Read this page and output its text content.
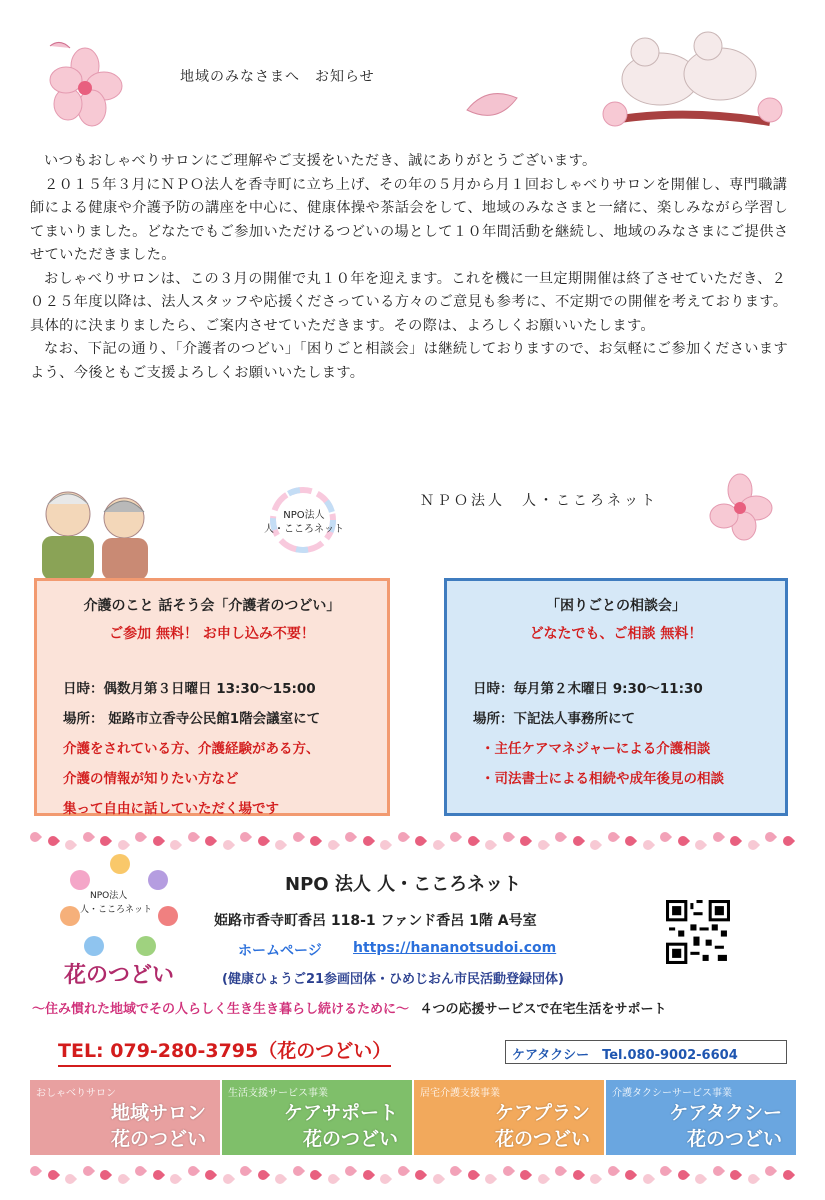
地域のみなさまへ　お知らせ

いつもおしゃべりサロンにご理解やご支援をいただき、誠にありがとうございます。

２０１５年３月にＮＰＯ法人を香寺町に立ち上げ、その年の５月から月１回おしゃべりサロンを開催し、専門職講師による健康や介護予防の講座を中心に、健康体操や茶話会をして、地域のみなさまと一緒に、楽しみながら学習してまいりました。どなたでもご参加いただけるつどいの場として１０年間活動を継続し、地域のみなさまにご提供させていただきました。

おしゃべりサロンは、この３月の開催で丸１０年を迎えます。これを機に一旦定期開催は終了させていただき、２０２５年度以降は、法人スタッフや応援くださっている方々のご意見も参考に、不定期での開催を考えております。具体的に決まりましたら、ご案内させていただきます。その際は、よろしくお願いいたします。

なお、下記の通り、「介護者のつどい」「困りごと相談会」は継続しておりますので、お気軽にご参加くださいますよう、今後ともご支援よろしくお願いいたします。

NPO法人
人・こころネット
ＮＰＯ法人　人・こころネット
介護のこと 話そう会「介護者のつどい」
ご参加 無料！ お申し込み不要！
日時：偶数月第３日曜日 13:30〜15:00
場所： 姫路市立香寺公民館1階会議室にて
介護をされている方、介護経験がある方、
介護の情報が知りたい方など
集って自由に話していただく場です
「困りごとの相談会」
どなたでも、ご相談 無料！
日時：毎月第２木曜日 9:30〜11:30
場所：下記法人事務所にて
・主任ケアマネジャーによる介護相談
・司法書士による相続や成年後見の相談
NPO法人
人・こころネット
花のつどい
NPO 法人 人・こころネット
姫路市香寺町香呂 118-1 ファンド香呂 1階 A号室
ホームページ https://hananotsudoi.com
(健康ひょうご21参画団体・ひめじおん市民活動登録団体)
〜住み慣れた地域でその人らしく生き生き暮らし続けるために〜 ４つの応援サービスで在宅生活をサポート
TEL: 079-280-3795（花のつどい）	ケアタクシー　Tel.080-9002-6604
おしゃべりサロン
地域サロン
花のつどい
生活支援サービス事業
ケアサポート
花のつどい
居宅介護支援事業
ケアプラン
花のつどい
介護タクシーサービス事業
ケアタクシー
花のつどい
